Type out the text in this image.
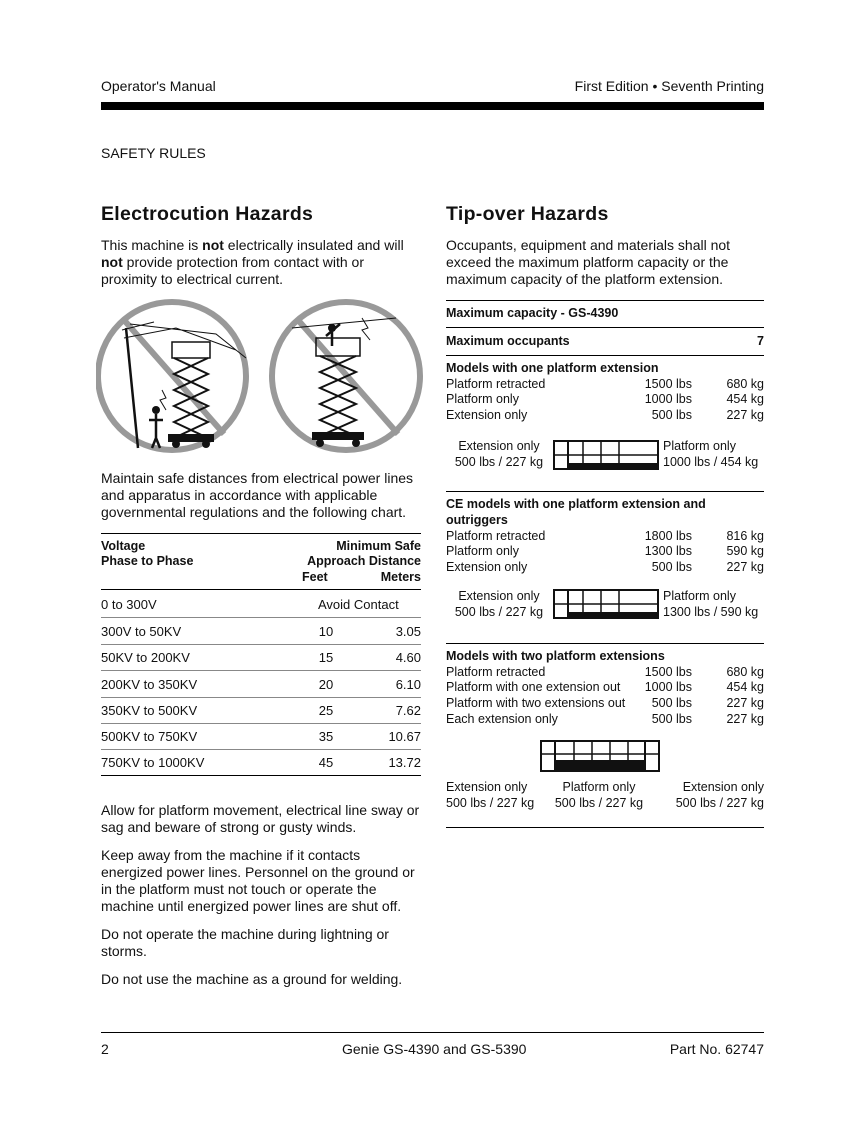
Operator's Manual	First Edition • Seventh Printing
SAFETY RULES
Electrocution Hazards
This machine is not electrically insulated and will
not provide protection from contact with or
proximity to electrical current.
Maintain safe distances from electrical power lines
and apparatus in accordance with applicable
governmental regulations and the following chart.
Voltage
Phase to Phase
Minimum Safe
Approach Distance
Feet	Meters
0 to 300V	Avoid Contact
300V to 50KV	10	3.05
50KV to 200KV	15	4.60
200KV to 350KV	20	6.10
350KV to 500KV	25	7.62
500KV to 750KV	35	10.67
750KV to 1000KV	45	13.72
Allow for platform movement, electrical line sway or
sag and beware of strong or gusty winds.
Keep away from the machine if it contacts
energized power lines. Personnel on the ground or
in the platform must not touch or operate the
machine until energized power lines are shut off.
Do not operate the machine during lightning or
storms.
Do not use the machine as a ground for welding.
Tip-over Hazards
Occupants, equipment and materials shall not
exceed the maximum platform capacity or the
maximum capacity of the platform extension.
Maximum capacity - GS-4390
Maximum occupants	7
Models with one platform extension
Platform retracted	1500 lbs	680 kg
Platform only	1000 lbs	454 kg
Extension only	500 lbs	227 kg
Extension only
500 lbs / 227 kg
Platform only
1000 lbs / 454 kg
CE models with one platform extension and
outriggers
Platform retracted	1800 lbs	816 kg
Platform only	1300 lbs	590 kg
Extension only	500 lbs	227 kg
Extension only
500 lbs / 227 kg
Platform only
1300 lbs / 590 kg
Models with two platform extensions
Platform retracted	1500 lbs	680 kg
Platform with one extension out 1000 lbs	454 kg
Platform with two extensions out 500 lbs	227 kg
Each extension only	500 lbs	227 kg
Extension only
500 lbs / 227 kg
Platform only
500 lbs / 227 kg
Extension only
500 lbs / 227 kg
2	Genie GS-4390 and GS-5390	Part No. 62747
